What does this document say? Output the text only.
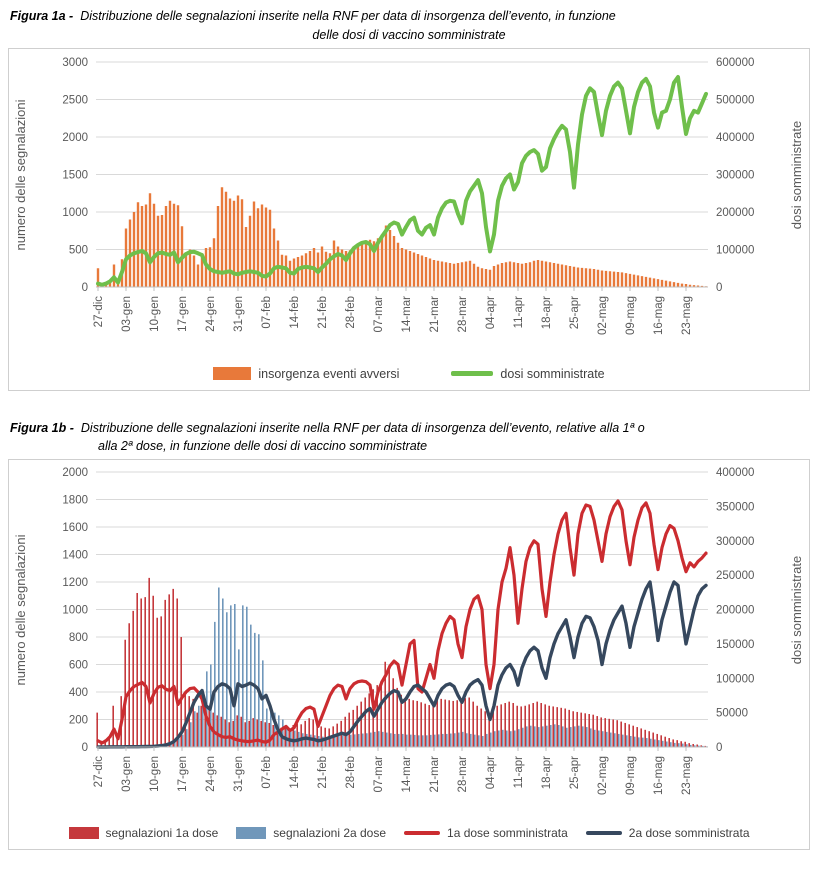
Figura 1a - Distribuzione delle segnalazioni inserite nella RNF per data di insorgenza dell’evento, in funzione
delle dosi di vaccino somministrate
0
500
1000
1500
2000
2500
3000
0
100000
200000
300000
400000
500000
600000
27-dic 03-gen 10-gen 17-gen 24-gen 31-gen 07-feb 14-feb 21-feb 28-feb 07-mar 14-mar 21-mar 28-mar 04-apr 11-apr 18-apr 25-apr 02-mag 09-mag 16-mag 23-mag
numero delle segnalazioni	dosi somministrate
insorgenza eventi avversi	dosi somministrate
Figura 1b - Distribuzione delle segnalazioni inserite nella RNF per data di insorgenza dell’evento, relative alla 1ª o
alla 2ª dose, in funzione delle dosi di vaccino somministrate
0
200
400
600
800
1000
1200
1400
1600
1800
2000
0
50000
100000
150000
200000
250000
300000
350000
400000
27-dic 03-gen 10-gen 17-gen 24-gen 31-gen 07-feb 14-feb 21-feb 28-feb 07-mar 14-mar 21-mar 28-mar 04-apr 11-apr 18-apr 25-apr 02-mag 09-mag 16-mag 23-mag
numero delle segnalazioni	dosi somministrate
segnalazioni 1a dose	segnalazioni 2a dose	1a dose somministrata	2a dose somministrata
